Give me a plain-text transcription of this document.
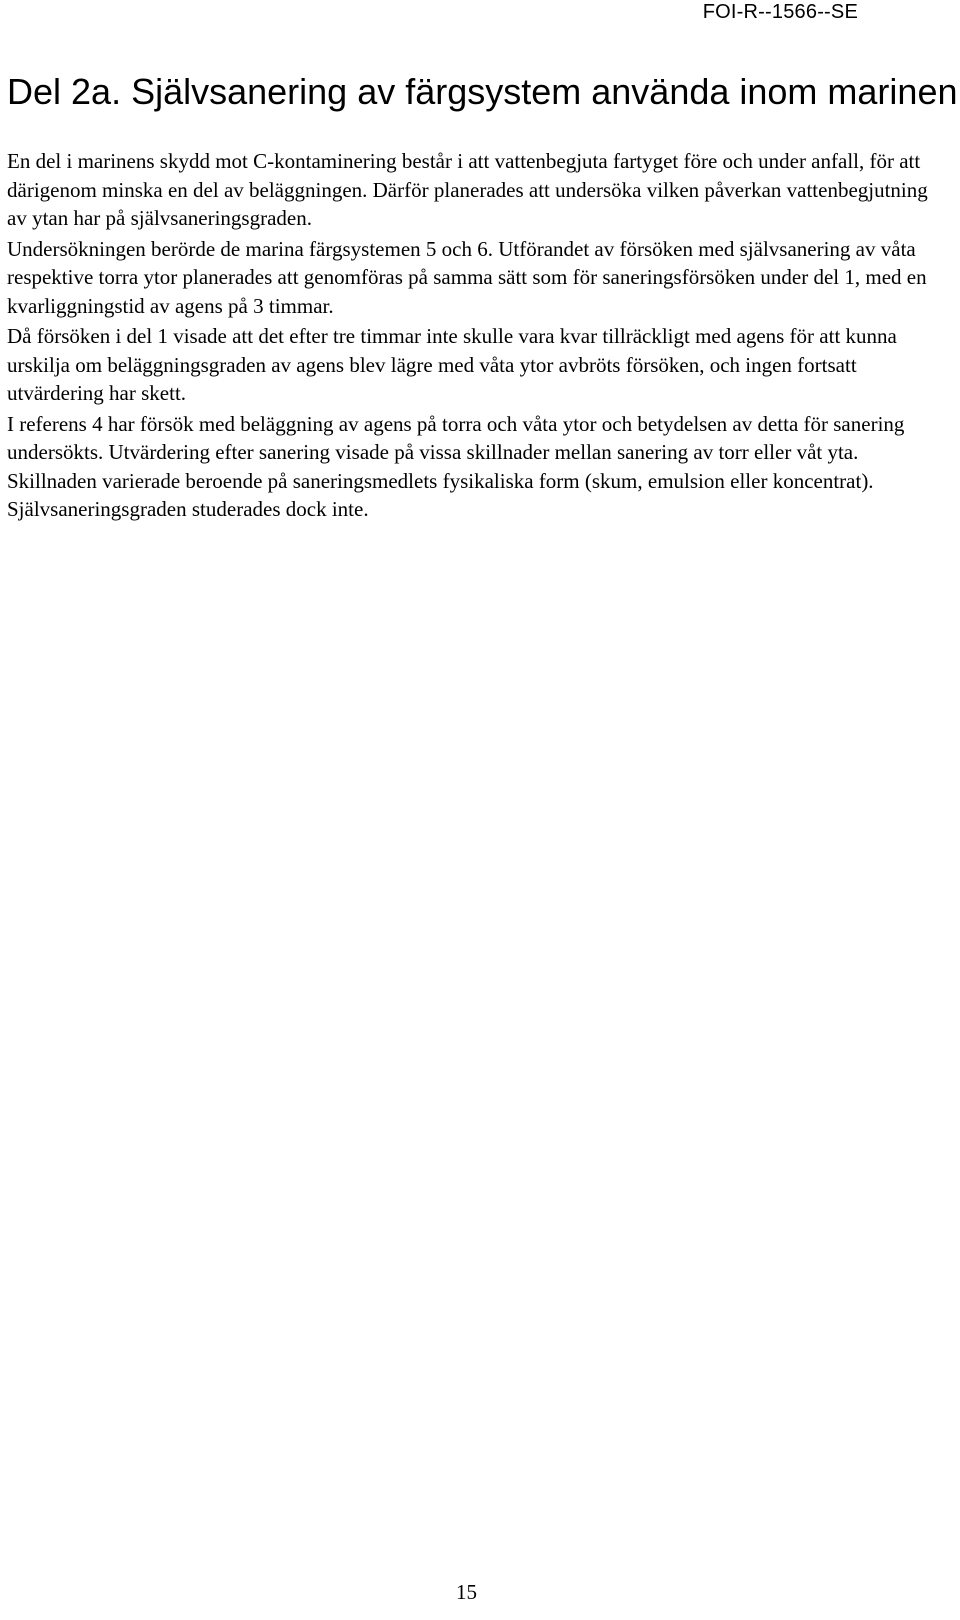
FOI-R--1566--SE
Del 2a. Självsanering av färgsystem använda inom marinen

En del i marinens skydd mot C-kontaminering består i att vattenbegjuta fartyget före och under anfall, för att därigenom minska en del av beläggningen. Därför planerades att undersöka vilken påverkan vattenbegjutning av ytan har på självsaneringsgraden.

Undersökningen berörde de marina färgsystemen 5 och 6. Utförandet av försöken med självsanering av våta respektive torra ytor planerades att genomföras på samma sätt som för saneringsförsöken under del 1, med en kvarliggningstid av agens på 3 timmar.

Då försöken i del 1 visade att det efter tre timmar inte skulle vara kvar tillräckligt med agens för att kunna urskilja om beläggningsgraden av agens blev lägre med våta ytor avbröts försöken, och ingen fortsatt utvärdering har skett.

I referens 4 har försök med beläggning av agens på torra och våta ytor och betydelsen av detta för sanering undersökts. Utvärdering efter sanering visade på vissa skillnader mellan sanering av torr eller våt yta. Skillnaden varierade beroende på saneringsmedlets fysikaliska form (skum, emulsion eller koncentrat). Självsaneringsgraden studerades dock inte.

15
